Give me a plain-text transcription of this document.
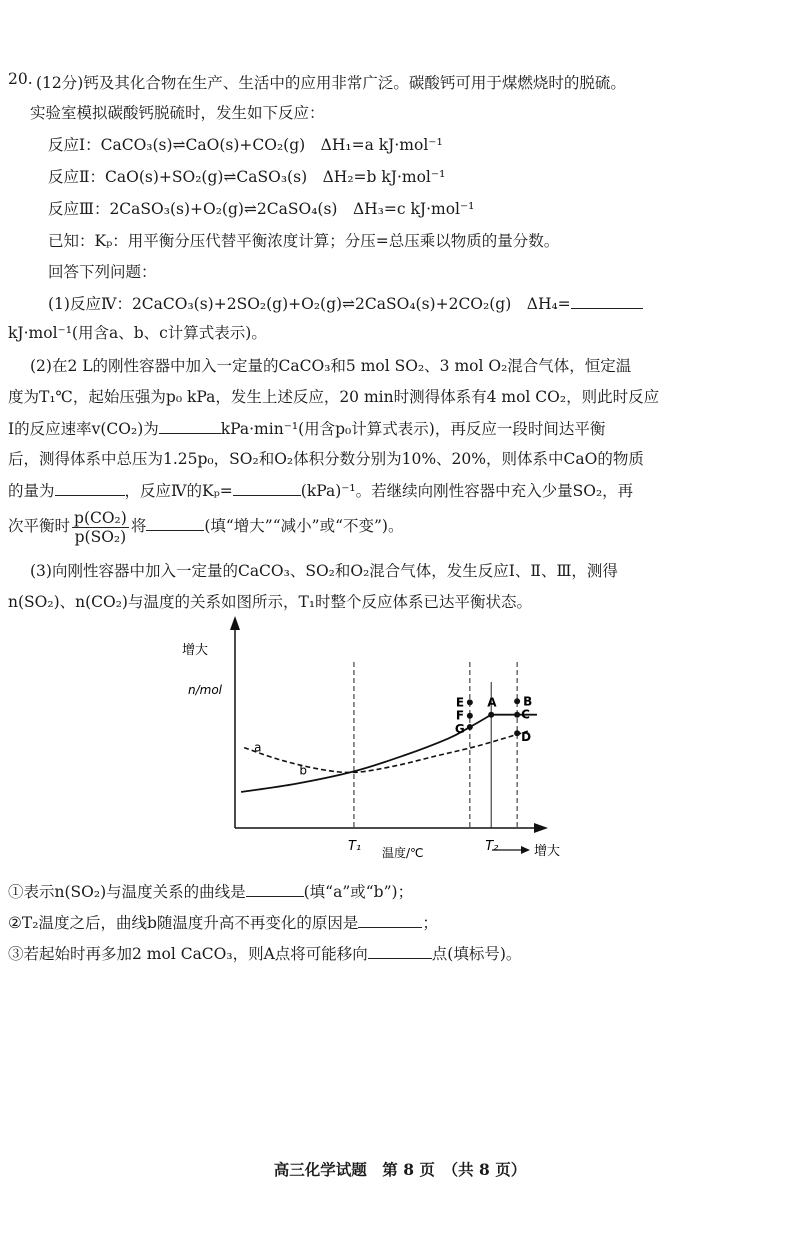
20. (12分)钙及其化合物在生产、生活中的应用非常广泛。碳酸钙可用于煤燃烧时的脱硫。
实验室模拟碳酸钙脱硫时，发生如下反应：
反应Ⅰ：CaCO₃(s)⇌CaO(s)+CO₂(g)　ΔH₁=a kJ·mol⁻¹
反应Ⅱ：CaO(s)+SO₂(g)⇌CaSO₃(s)　ΔH₂=b kJ·mol⁻¹
反应Ⅲ：2CaSO₃(s)+O₂(g)⇌2CaSO₄(s)　ΔH₃=c kJ·mol⁻¹
已知：Kₚ：用平衡分压代替平衡浓度计算；分压=总压乘以物质的量分数。
回答下列问题：
(1)反应Ⅳ：2CaCO₃(s)+2SO₂(g)+O₂(g)⇌2CaSO₄(s)+2CO₂(g)　ΔH₄=
kJ·mol⁻¹(用含a、b、c计算式表示)。
(2)在2 L的刚性容器中加入一定量的CaCO₃和5 mol SO₂、3 mol O₂混合气体，恒定温
度为T₁℃，起始压强为p₀ kPa，发生上述反应，20 min时测得体系有4 mol CO₂，则此时反应
Ⅰ的反应速率v(CO₂)为	kPa·min⁻¹(用含p₀计算式表示)，再反应一段时间达平衡
后，测得体系中总压为1.25p₀，SO₂和O₂体积分数分别为10%、20%，则体系中CaO的物质
的量为	，反应Ⅳ的Kₚ=	(kPa)⁻¹。若继续向刚性容器中充入少量SO₂，再
次平衡时 $\frac{\text{p(CO₂)}}{\text{p(SO₂)}}$ 将	(填“增大”“减小”或“不变”)。
(3)向刚性容器中加入一定量的CaCO₃、SO₂和O₂混合气体，发生反应Ⅰ、Ⅱ、Ⅲ，测得
n(SO₂)、n(CO₂)与温度的关系如图所示，T₁时整个反应体系已达平衡状态。
a
b
T₁	T₂
E
F
G
A B
C
D
增大
n/mol
温度/℃	增大
①表示n(SO₂)与温度关系的曲线是	(填“a”或“b”)；
②T₂温度之后，曲线b随温度升高不再变化的原因是	；
③若起始时再多加2 mol CaCO₃，则A点将可能移向	点(填标号)。
高三化学试题　第 8 页　（共 8 页）
